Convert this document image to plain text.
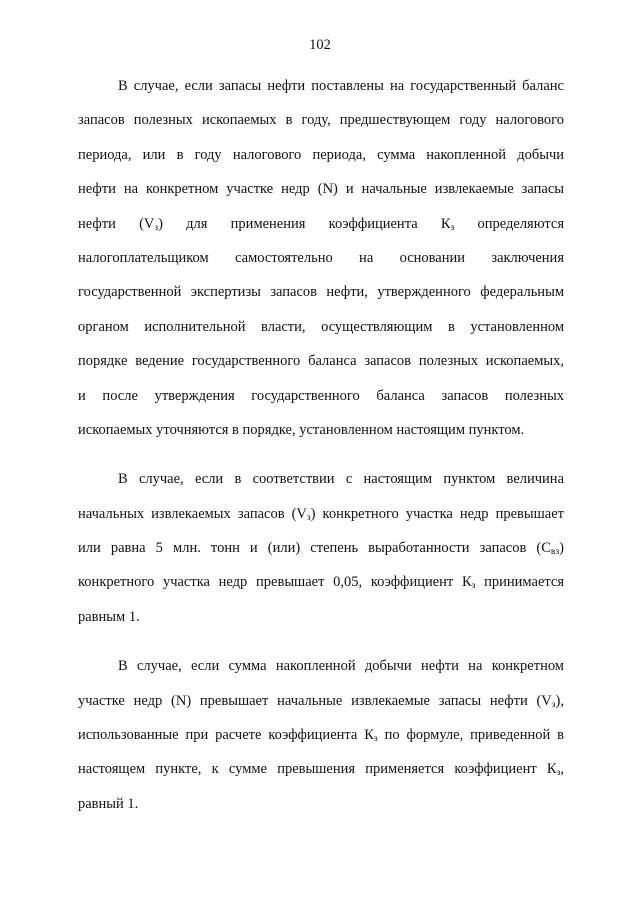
102
В случае, если запасы нефти поставлены на государственный баланс
запасов полезных ископаемых в году, предшествующем году налогового
периода, или в году налогового периода, сумма накопленной добычи
нефти на конкретном участке недр (N) и начальные извлекаемые запасы
нефти $(V_з)$ для применения коэффициента $К_з$ определяются
налогоплательщиком самостоятельно на основании заключения
государственной экспертизы запасов нефти, утвержденного федеральным
органом исполнительной власти, осуществляющим в установленном
порядке ведение государственного баланса запасов полезных ископаемых,
и после утверждения государственного баланса запасов полезных
ископаемых уточняются в порядке, установленном настоящим пунктом.
В случае, если в соответствии с настоящим пунктом величина
начальных извлекаемых запасов $(V_з)$ конкретного участка недр превышает
или равна 5 млн. тонн и (или) степень выработанности запасов $(С_{вз})$
конкретного участка недр превышает 0,05, коэффициент $К_з$ принимается
равным 1.
В случае, если сумма накопленной добычи нефти на конкретном
участке недр (N) превышает начальные извлекаемые запасы нефти $(V_з)$,
использованные при расчете коэффициента $К_з$ по формуле, приведенной в
настоящем пункте, к сумме превышения применяется коэффициент $К_з$,
равный 1.
